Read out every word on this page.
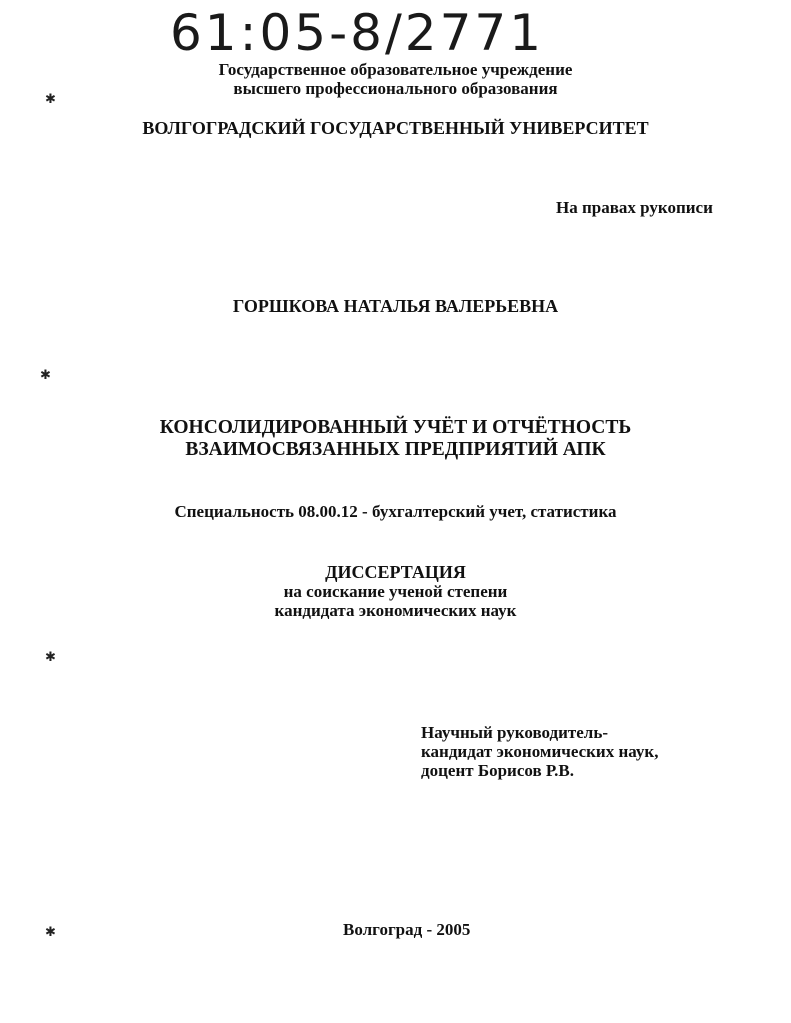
61:05-8/2771
Государственное образовательное учреждение
высшего профессионального образования
ВОЛГОГРАДСКИЙ ГОСУДАРСТВЕННЫЙ УНИВЕРСИТЕТ
На правах рукописи
ГОРШКОВА НАТАЛЬЯ ВАЛЕРЬЕВНА
КОНСОЛИДИРОВАННЫЙ УЧЁТ И ОТЧЁТНОСТЬ
ВЗАИМОСВЯЗАННЫХ ПРЕДПРИЯТИЙ АПК
Специальность 08.00.12 - бухгалтерский учет, статистика
ДИССЕРТАЦИЯ
на соискание ученой степени
кандидата экономических наук
Научный руководитель-
кандидат экономических наук,
доцент Борисов Р.В.
Волгоград - 2005
✱
✱
✱
✱
